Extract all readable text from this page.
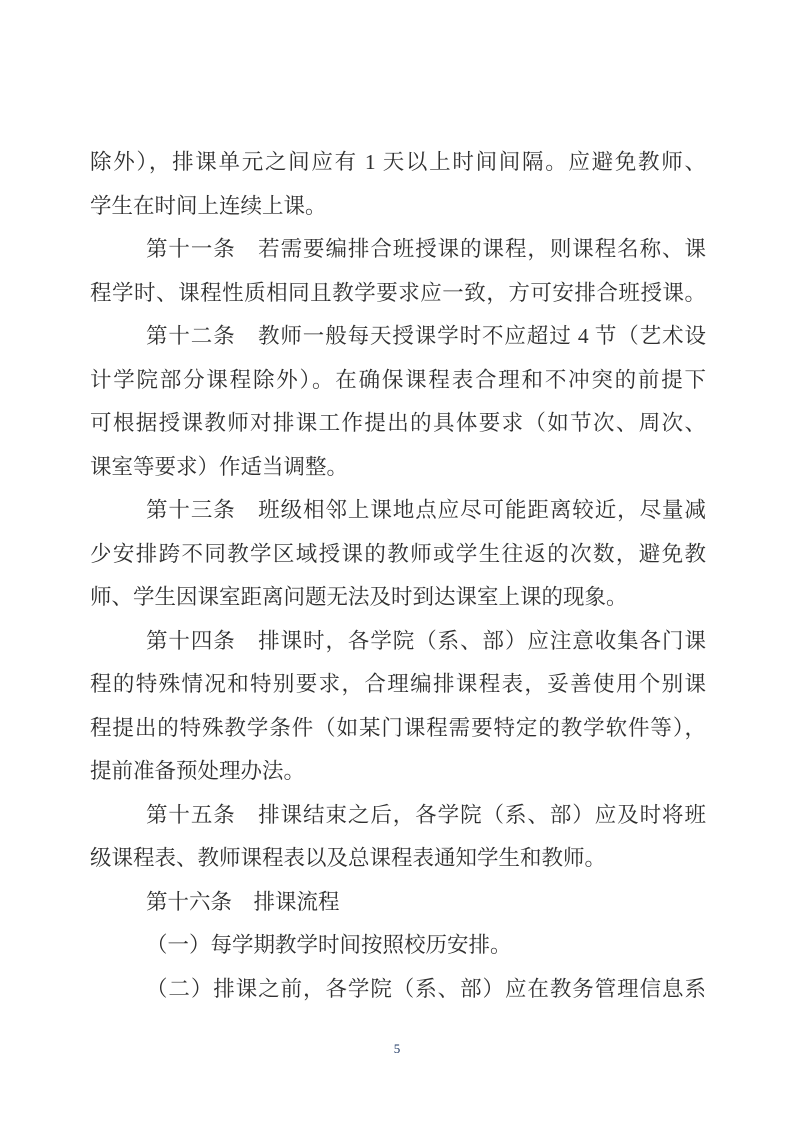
除外），排课单元之间应有 1 天以上时间间隔。应避免教师、
学生在时间上连续上课。
第十一条　若需要编排合班授课的课程，则课程名称、课
程学时、课程性质相同且教学要求应一致，方可安排合班授课。
第十二条　教师一般每天授课学时不应超过 4 节（艺术设
计学院部分课程除外）。在确保课程表合理和不冲突的前提下
可根据授课教师对排课工作提出的具体要求（如节次、周次、
课室等要求）作适当调整。
第十三条　班级相邻上课地点应尽可能距离较近，尽量减
少安排跨不同教学区域授课的教师或学生往返的次数，避免教
师、学生因课室距离问题无法及时到达课室上课的现象。
第十四条　排课时，各学院（系、部）应注意收集各门课
程的特殊情况和特别要求，合理编排课程表，妥善使用个别课
程提出的特殊教学条件（如某门课程需要特定的教学软件等），
提前准备预处理办法。
第十五条　排课结束之后，各学院（系、部）应及时将班
级课程表、教师课程表以及总课程表通知学生和教师。
第十六条　排课流程
（一）每学期教学时间按照校历安排。
（二）排课之前，各学院（系、部）应在教务管理信息系
5
